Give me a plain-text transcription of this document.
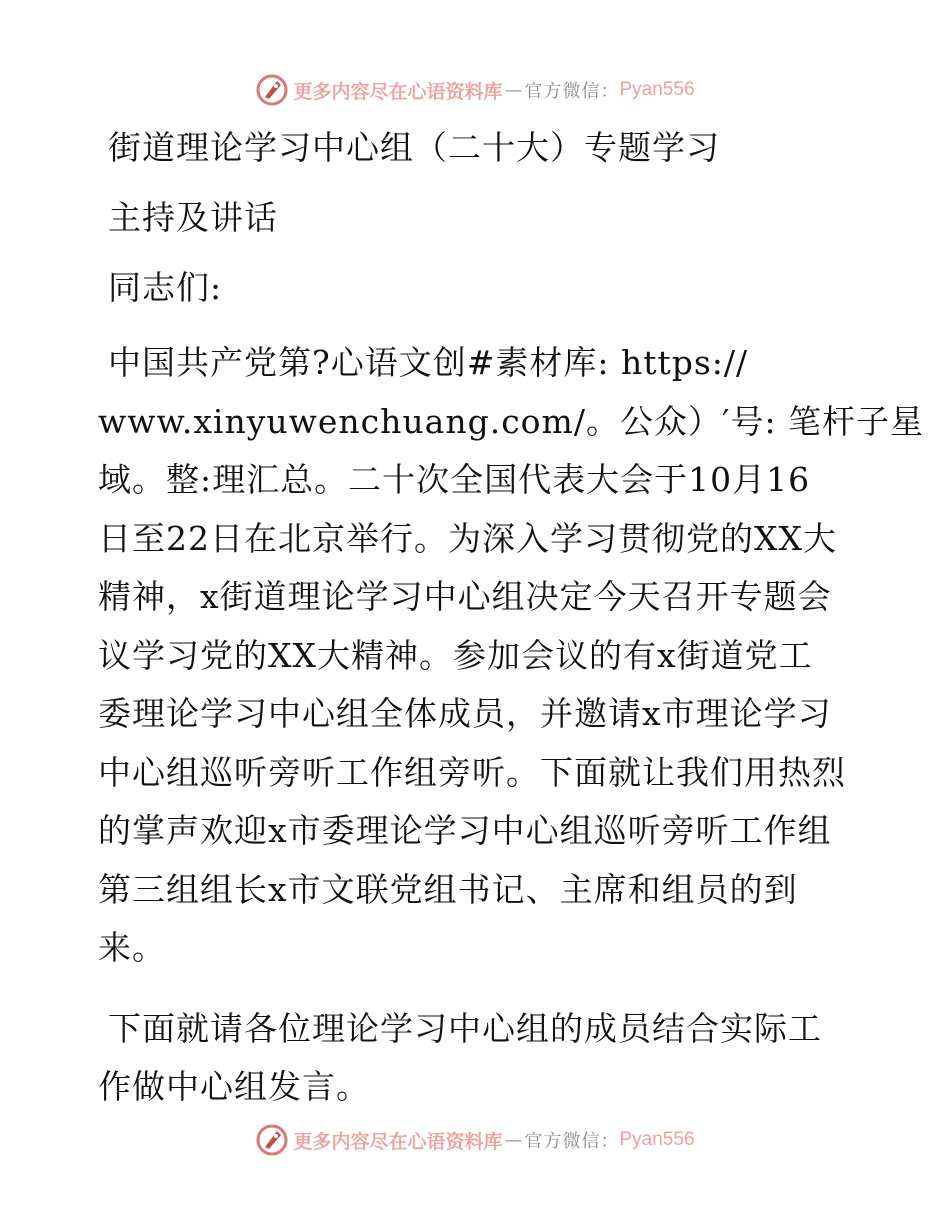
更多内容尽在心语资料库 — 官方微信： Pyan556

街道理论学习中心组（二十大）专题学习

主持及讲话

同志们:

中国共产党第?心语文创#素材库: https://
www.xinyuwenchuang.com/。公众）′号: 笔杆子星
域。整:理汇总。二十次全国代表大会于10月16
日至22日在北京举行。为深入学习贯彻党的XX大
精神，x街道理论学习中心组决定今天召开专题会
议学习党的XX大精神。参加会议的有x街道党工
委理论学习中心组全体成员，并邀请x市理论学习
中心组巡听旁听工作组旁听。下面就让我们用热烈
的掌声欢迎x市委理论学习中心组巡听旁听工作组
第三组组长x市文联党组书记、主席和组员的到
来。
下面就请各位理论学习中心组的成员结合实际工
作做中心组发言。
更多内容尽在心语资料库 — 官方微信： Pyan556
